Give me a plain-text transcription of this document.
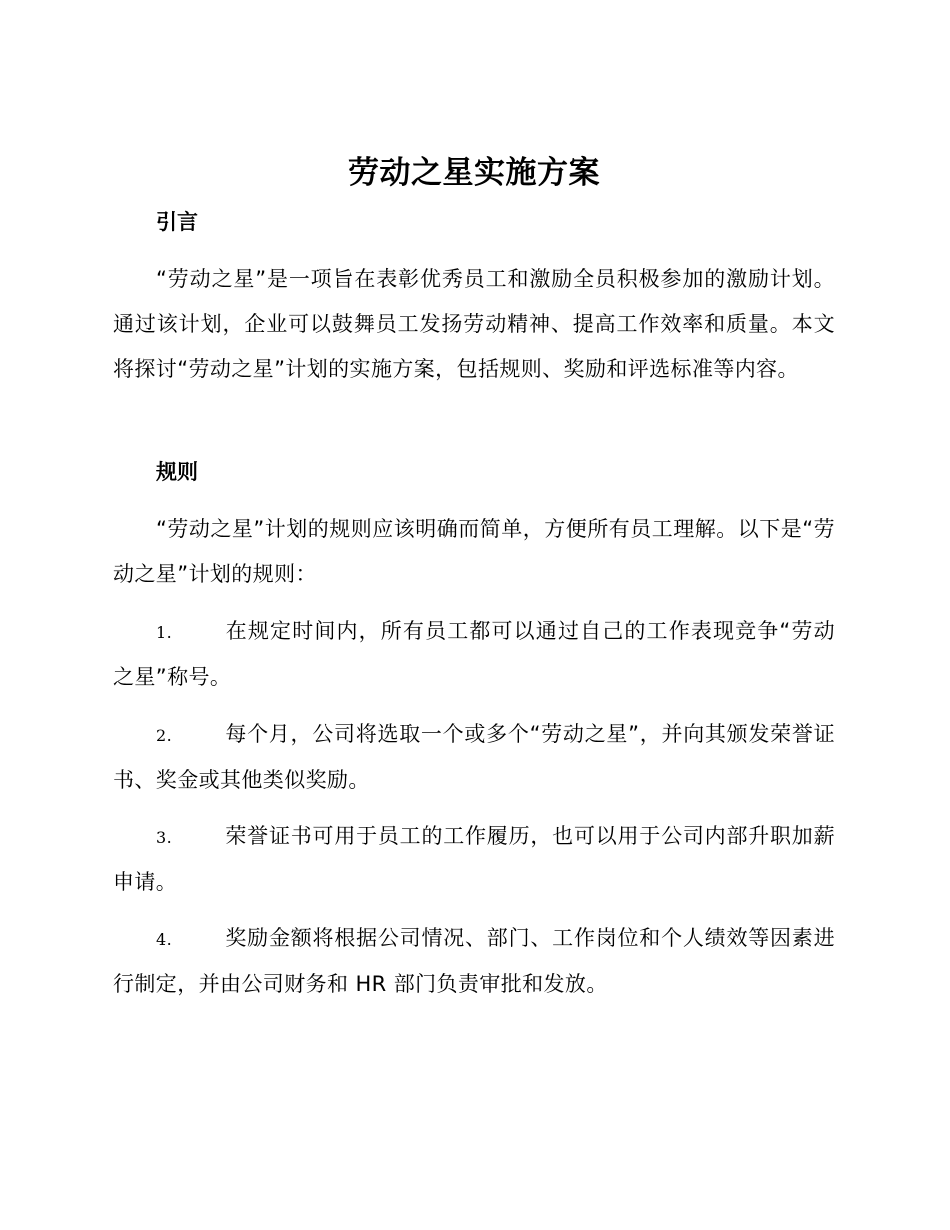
劳动之星实施方案
引言

“劳动之星”是一项旨在表彰优秀员工和激励全员积极参加的激励计划。通过该计划，企业可以鼓舞员工发扬劳动精神、提高工作效率和质量。本文将探讨“劳动之星”计划的实施方案，包括规则、奖励和评选标准等内容。

规则

“劳动之星”计划的规则应该明确而简单，方便所有员工理解。以下是“劳动之星”计划的规则：

1.	在规定时间内，所有员工都可以通过自己的工作表现竞争“劳动之星”称号。

2.	每个月，公司将选取一个或多个“劳动之星”，并向其颁发荣誉证书、奖金或其他类似奖励。

3.	荣誉证书可用于员工的工作履历，也可以用于公司内部升职加薪申请。

4.	奖励金额将根据公司情况、部门、工作岗位和个人绩效等因素进行制定，并由公司财务和 HR 部门负责审批和发放。
